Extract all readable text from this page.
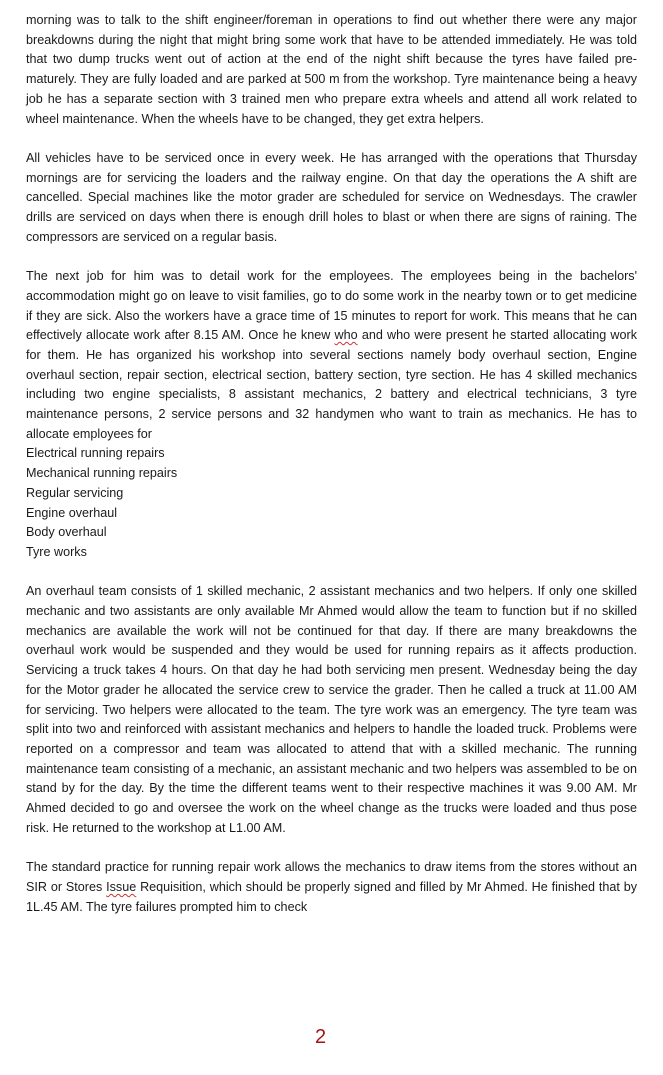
morning was to talk to the shift engineer/foreman in operations to find out whether there were any major breakdowns during the night that might bring some work that have to be attended immediately. He was told that two dump trucks went out of action at the end of the night shift because the tyres have failed pre-maturely. They are fully loaded and are parked at 500 m from the workshop. Tyre maintenance being a heavy job he has a separate section with 3 trained men who prepare extra wheels and attend all work related to wheel maintenance. When the wheels have to be changed, they get extra helpers.

All vehicles have to be serviced once in every week. He has arranged with the operations that Thursday mornings are for servicing the loaders and the railway engine. On that day the operations the A shift are cancelled. Special machines like the motor grader are scheduled for service on Wednesdays. The crawler drills are serviced on days when there is enough drill holes to blast or when there are signs of raining. The compressors are serviced on a regular basis.

The next job for him was to detail work for the employees. The employees being in the bachelors' accommodation might go on leave to visit families, go to do some work in the nearby town or to get medicine if they are sick. Also the workers have a grace time of 15 minutes to report for work. This means that he can effectively allocate work after 8.15 AM. Once he knew who and who were present he started allocating work for them. He has organized his workshop into several sections namely body overhaul section, Engine overhaul section, repair section, electrical section, battery section, tyre section. He has 4 skilled mechanics including two engine specialists, 8 assistant mechanics, 2 battery and electrical technicians, 3 tyre maintenance persons, 2 service persons and 32 handymen who want to train as mechanics. He has to allocate employees for

Electrical running repairs
Mechanical running repairs
Regular servicing
Engine overhaul
Body overhaul
Tyre works

An overhaul team consists of 1 skilled mechanic, 2 assistant mechanics and two helpers. If only one skilled mechanic and two assistants are only available Mr Ahmed would allow the team to function but if no skilled mechanics are available the work will not be continued for that day. If there are many breakdowns the overhaul work would be suspended and they would be used for running repairs as it affects production. Servicing a truck takes 4 hours. On that day he had both servicing men present. Wednesday being the day for the Motor grader he allocated the service crew to service the grader. Then he called a truck at 11.00 AM for servicing. Two helpers were allocated to the team. The tyre work was an emergency. The tyre team was split into two and reinforced with assistant mechanics and helpers to handle the loaded truck. Problems were reported on a compressor and team was allocated to attend that with a skilled mechanic. The running maintenance team consisting of a mechanic, an assistant mechanic and two helpers was assembled to be on stand by for the day. By the time the different teams went to their respective machines it was 9.00 AM. Mr Ahmed decided to go and oversee the work on the wheel change as the trucks were loaded and thus pose risk. He returned to the workshop at L1.00 AM.

The standard practice for running repair work allows the mechanics to draw items from the stores without an SIR or Stores Issue Requisition, which should be properly signed and filled by Mr Ahmed. He finished that by 1L.45 AM. The tyre failures prompted him to check

2
